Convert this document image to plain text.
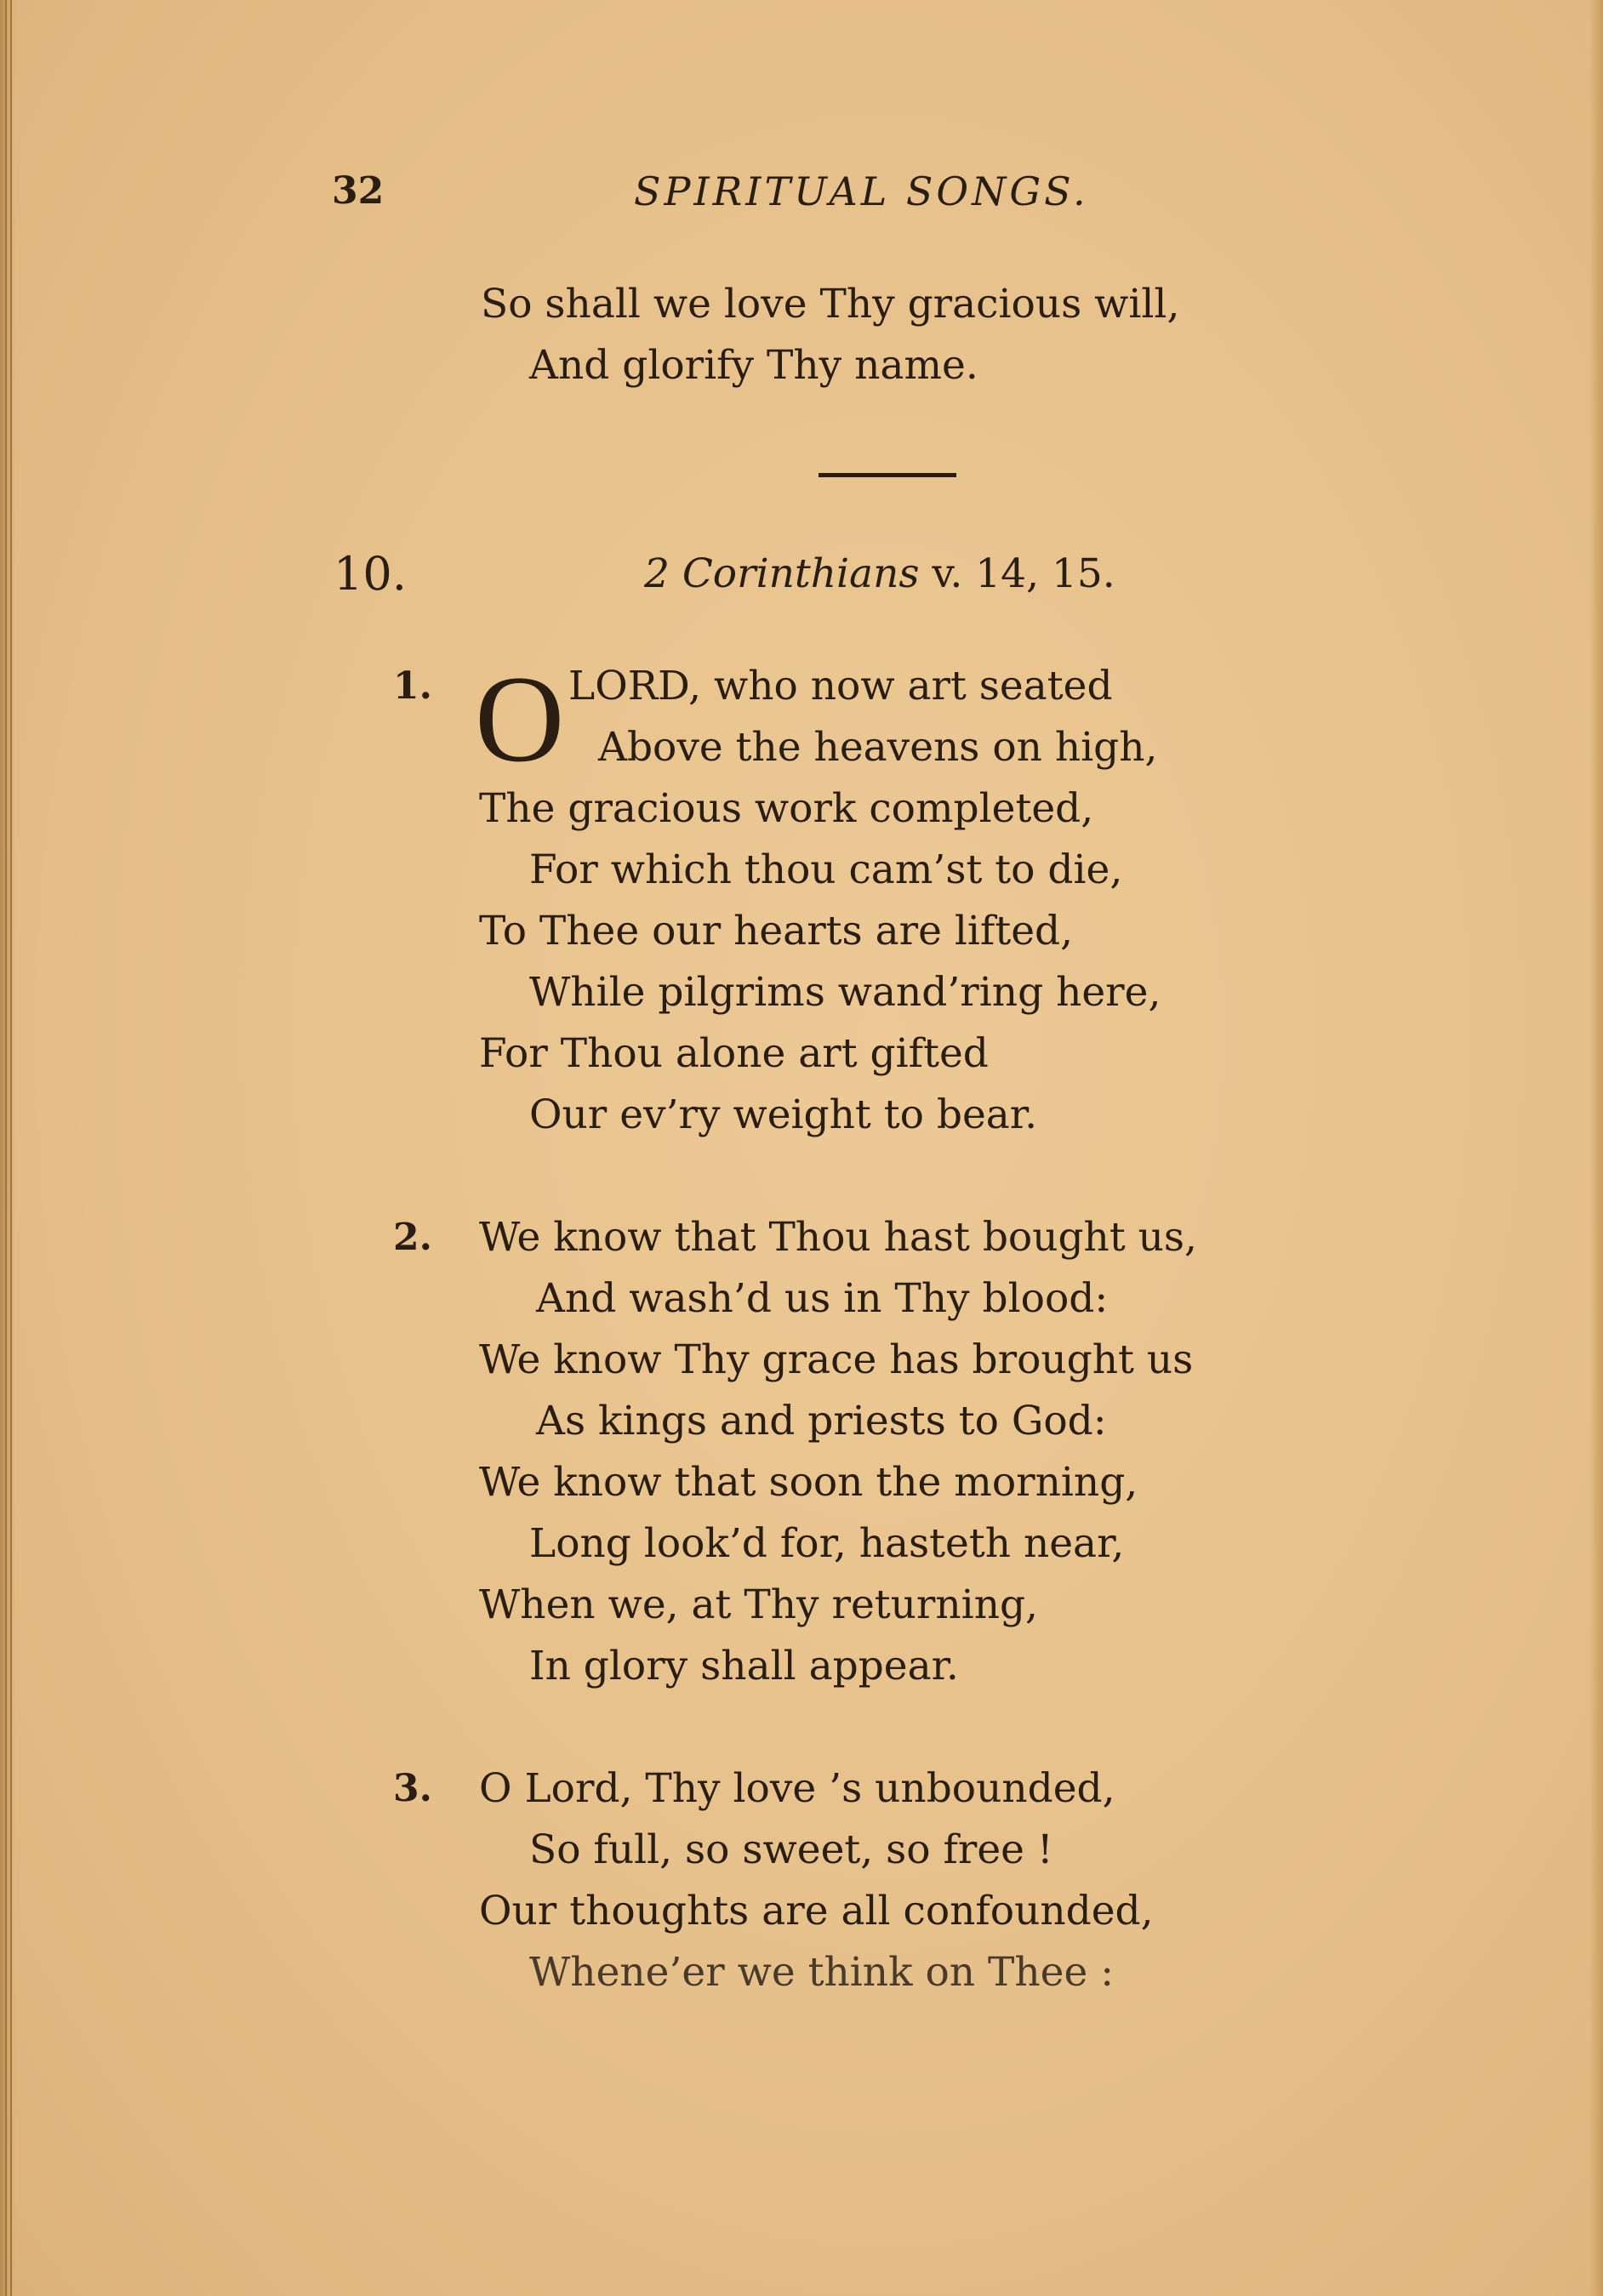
32	SPIRITUAL SONGS.
So shall we love Thy gracious will,
And glorify Thy name.
10.	2 Corinthians v. 14, 15.
1. O LORD, who now art seated
Above the heavens on high,
The gracious work completed,
For which thou cam’st to die,
To Thee our hearts are lifted,
While pilgrims wand’ring here,
For Thou alone art gifted
Our ev’ry weight to bear.
2. We know that Thou hast bought us,
And wash’d us in Thy blood:
We know Thy grace has brought us
As kings and priests to God:
We know that soon the morning,
Long look’d for, hasteth near,
When we, at Thy returning,
In glory shall appear.
3. O Lord, Thy love ’s unbounded,
So full, so sweet, so free !
Our thoughts are all confounded,
Whene’er we think on Thee :
